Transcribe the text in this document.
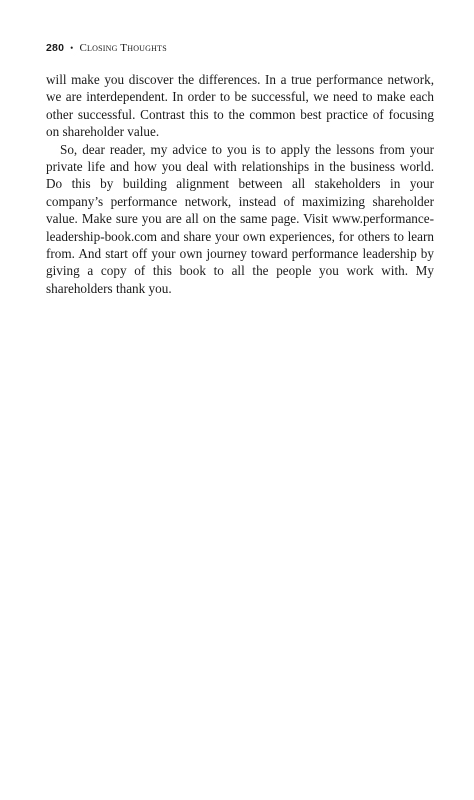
280 • Closing Thoughts

will make you discover the differences. In a true performance network, we are interdependent. In order to be successful, we need to make each other successful. Contrast this to the common best practice of focusing on shareholder value.

So, dear reader, my advice to you is to apply the lessons from your private life and how you deal with relationships in the business world. Do this by building alignment between all stakeholders in your company’s performance network, instead of maximizing shareholder value. Make sure you are all on the same page. Visit www.performance-leadership-book.com and share your own experiences, for others to learn from. And start off your own journey toward performance leadership by giving a copy of this book to all the people you work with. My shareholders thank you.
